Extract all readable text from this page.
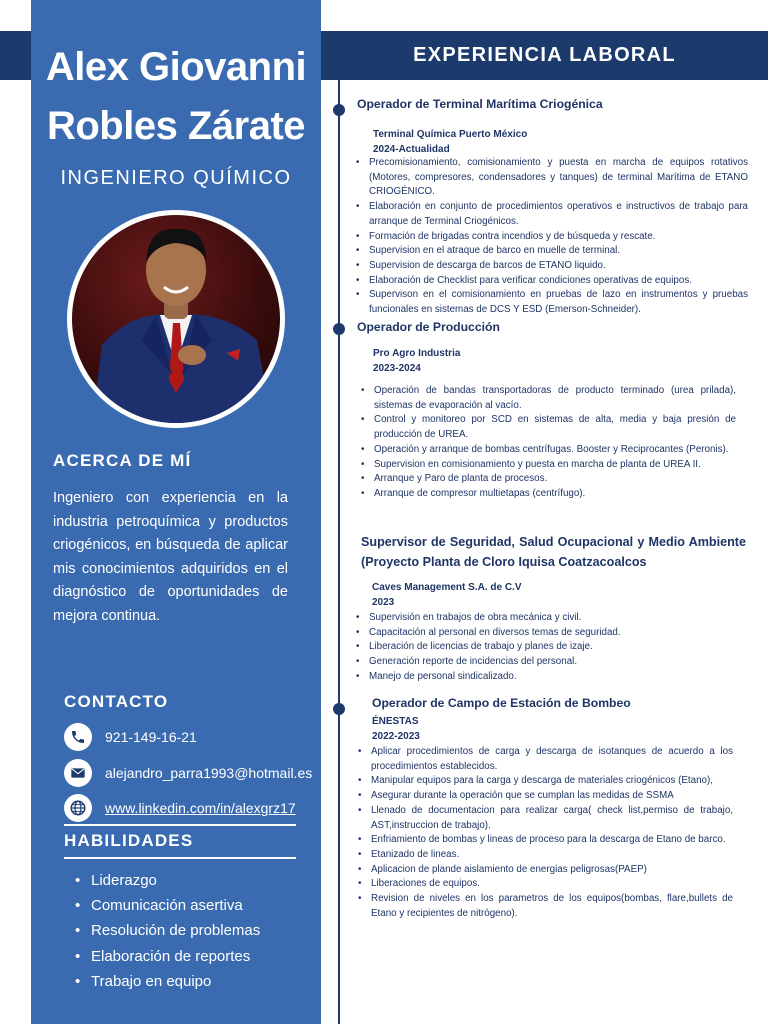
Alex Giovanni
Robles Zárate
INGENIERO QUÍMICO
ACERCA DE MÍ
Ingeniero con experiencia en la industria petroquímica y productos criogénicos, en búsqueda de aplicar mis conocimientos adquiridos en el diagnóstico de oportunidades de mejora continua.
CONTACTO
921-149-16-21
alejandro_parra1993@hotmail.es
www.linkedin.com/in/alexgrz17
HABILIDADES
• Liderazgo
• Comunicación asertiva
• Resolución de problemas
• Elaboración de reportes
• Trabajo en equipo
EXPERIENCIA LABORAL
Operador de Terminal Marítima Criogénica
Terminal Química Puerto México
2024-Actualidad
• Precomisionamiento, comisionamiento y puesta en marcha de equipos rotativos (Motores, compresores, condensadores y tanques) de terminal Marítima de ETANO CRIOGÉNICO.
• Elaboración en conjunto de procedimientos operativos e instructivos de trabajo para arranque de Terminal Criogénicos.
• Formación de brigadas contra incendios y de búsqueda y rescate.
• Supervision en el atraque de barco en muelle de terminal.
• Supervision de descarga de barcos de ETANO liquido.
• Elaboración de Checklist para verificar condiciones operativas de equipos.
• Supervison en el comisionamiento en pruebas de lazo en instrumentos y pruebas funcionales en sistemas de DCS Y ESD (Emerson-Schneider).
Operador de Producción
Pro Agro Industria
2023-2024
• Operación de bandas transportadoras de producto terminado (urea prilada), sistemas de evaporación al vacío.
• Control y monitoreo por SCD en sistemas de alta, media y baja presión de producción de UREA.
• Operación y arranque de bombas centrífugas. Booster y Reciprocantes (Peronis).
• Supervision en comisionamiento y puesta en marcha de planta de UREA II.
• Arranque y Paro de planta de procesos.
• Arranque de compresor multietapas (centrífugo).
Supervisor de Seguridad, Salud Ocupacional y Medio Ambiente (Proyecto Planta de Cloro Iquisa Coatzacoalcos
Caves Management S.A. de C.V
2023
• Supervisión en trabajos de obra mecánica y civil.
• Capacitación al personal en diversos temas de seguridad.
• Liberación de licencias de trabajo y planes de izaje.
• Generación reporte de incidencias del personal.
• Manejo de personal sindicalizado.
Operador de Campo de Estación de Bombeo
ÉNESTAS
2022-2023
• Aplicar procedimientos de carga y descarga de isotanques de acuerdo a los procedimientos establecidos.
• Manipular equipos para la carga y descarga de materiales criogénicos (Etano),
• Asegurar durante la operación que se cumplan las medidas de SSMA
• Llenado de documentacion para realizar carga( check list,permiso de trabajo, AST,instruccion de trabajo).
• Enfriamiento de bombas y lineas de proceso para la descarga de Etano de barco.
• Etanizado de lineas.
• Aplicacion de plande aislamiento de energias peligrosas(PAEP)
• Liberaciones de equipos.
• Revision de niveles en los parametros de los equipos(bombas, flare,bullets de Etano y recipientes de nitrógeno).
